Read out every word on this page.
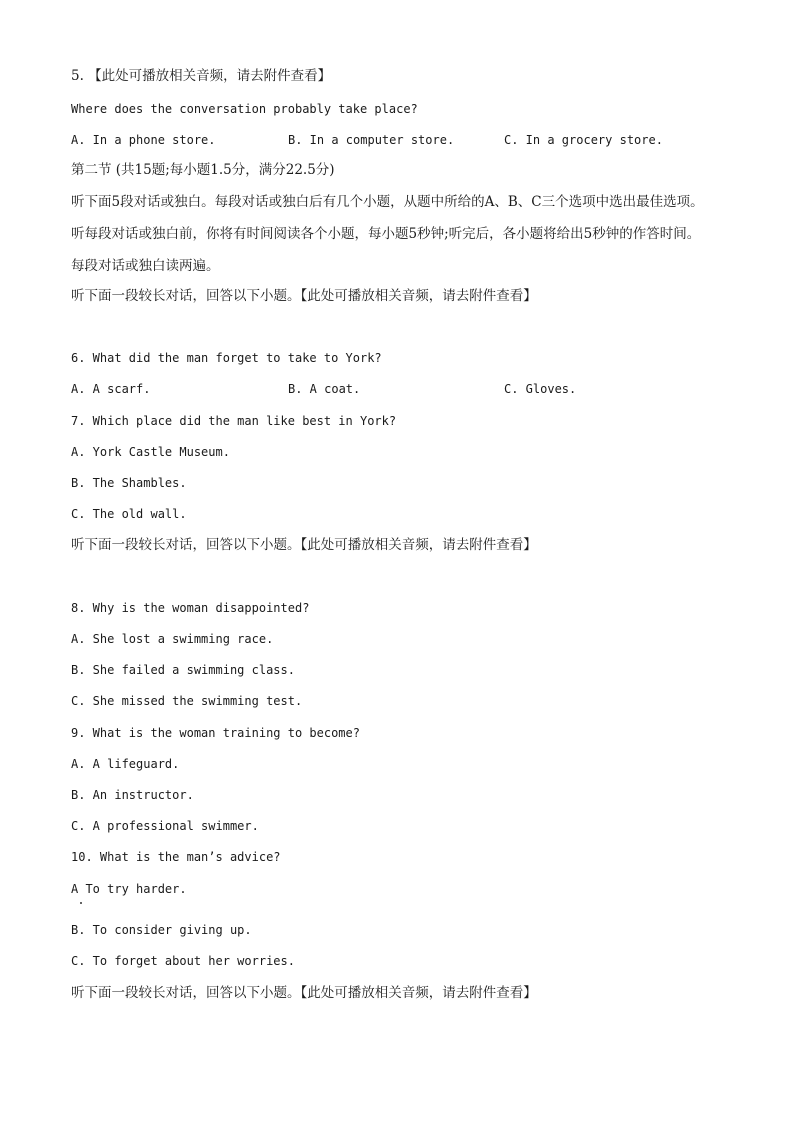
5. 【此处可播放相关音频，请去附件查看】
Where does the conversation probably take place?
A. In a phone store.	B. In a computer store.	C. In a grocery store.
第二节 (共15题;每小题1.5分，满分22.5分)
听下面5段对话或独白。每段对话或独白后有几个小题，从题中所给的A、B、C三个选项中选出最佳选项。
听每段对话或独白前，你将有时间阅读各个小题，每小题5秒钟;听完后，各小题将给出5秒钟的作答时间。
每段对话或独白读两遍。
听下面一段较长对话，回答以下小题。【此处可播放相关音频，请去附件查看】
6. What did the man forget to take to York?
A. A scarf.	B. A coat.	C. Gloves.
7. Which place did the man like best in York?
A. York Castle Museum.
B. The Shambles.
C. The old wall.
听下面一段较长对话，回答以下小题。【此处可播放相关音频，请去附件查看】
8. Why is the woman disappointed?
A. She lost a swimming race.
B. She failed a swimming class.
C. She missed the swimming test.
9. What is the woman training to become?
A. A lifeguard.
B. An instructor.
C. A professional swimmer.
10. What is the man’s advice?
A To try harder.
B. To consider giving up.
C. To forget about her worries.
听下面一段较长对话，回答以下小题。【此处可播放相关音频，请去附件查看】
